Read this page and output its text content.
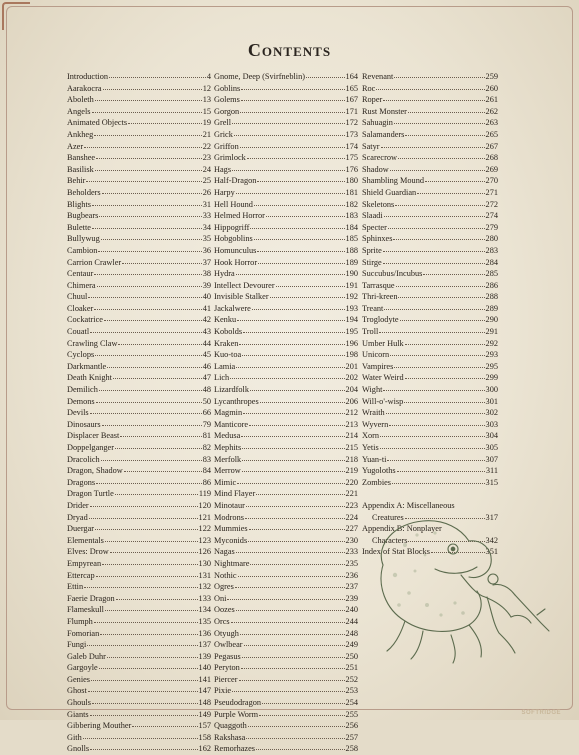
Contents
Introduction	4
Aarakocra	12
Aboleth	13
Angels	15
Animated Objects	19
Ankheg	21
Azer	22
Banshee	23
Basilisk	24
Behir	25
Beholders	26
Blights	31
Bugbears	33
Bulette	34
Bullywug	35
Cambion	36
Carrion Crawler	37
Centaur	38
Chimera	39
Chuul	40
Cloaker	41
Cockatrice	42
Couatl	43
Crawling Claw	44
Cyclops	45
Darkmantle	46
Death Knight	47
Demilich	48
Demons	50
Devils	66
Dinosaurs	79
Displacer Beast	81
Doppelganger	82
Dracolich	83
Dragon, Shadow	84
Dragons	86
Dragon Turtle	119
Drider	120
Dryad	121
Duergar	122
Elementals	123
Elves: Drow	126
Empyrean	130
Ettercap	131
Ettin	132
Faerie Dragon	133
Flameskull	134
Flumph	135
Fomorian	136
Fungi	137
Galeb Duhr	139
Gargoyle	140
Genies	141
Ghost	147
Ghouls	148
Giants	149
Gibbering Mouther	157
Gith	158
Gnolls	162
Gnome, Deep (Svirfneblin)	164
Goblins	165
Golems	167
Gorgon	171
Grell	172
Grick	173
Griffon	174
Grimlock	175
Hags	176
Half-Dragon	180
Harpy	181
Hell Hound	182
Helmed Horror	183
Hippogriff	184
Hobgoblins	185
Homunculus	188
Hook Horror	189
Hydra	190
Intellect Devourer	191
Invisible Stalker	192
Jackalwere	193
Kenku	194
Kobolds	195
Kraken	196
Kuo-toa	198
Lamia	201
Lich	202
Lizardfolk	204
Lycanthropes	206
Magmin	212
Manticore	213
Medusa	214
Mephits	215
Merfolk	218
Merrow	219
Mimic	220
Mind Flayer	221
Minotaur	223
Modrons	224
Mummies	227
Myconids	230
Nagas	233
Nightmare	235
Nothic	236
Ogres	237
Oni	239
Oozes	240
Orcs	244
Otyugh	248
Owlbear	249
Pegasus	250
Peryton	251
Piercer	252
Pixie	253
Pseudodragon	254
Purple Worm	255
Quaggoth	256
Rakshasa	257
Remorhazes	258
Revenant	259
Roc	260
Roper	261
Rust Monster	262
Sahuagin	263
Salamanders	265
Satyr	267
Scarecrow	268
Shadow	269
Shambling Mound	270
Shield Guardian	271
Skeletons	272
Slaadi	274
Specter	279
Sphinxes	280
Sprite	283
Stirge	284
Succubus/Incubus	285
Tarrasque	286
Thri-kreen	288
Treant	289
Troglodyte	290
Troll	291
Umber Hulk	292
Unicorn	293
Vampires	295
Water Weird	299
Wight	300
Will-o'-wisp	301
Wraith	302
Wyvern	303
Xorn	304
Yetis	305
Yuan-ti	307
Yugoloths	311
Zombies	315
Appendix A: Miscellaneous
Creatures	317
Appendix B: Nonplayer
Characters	342
Index of Stat Blocks	351
SOFTRIDGE
